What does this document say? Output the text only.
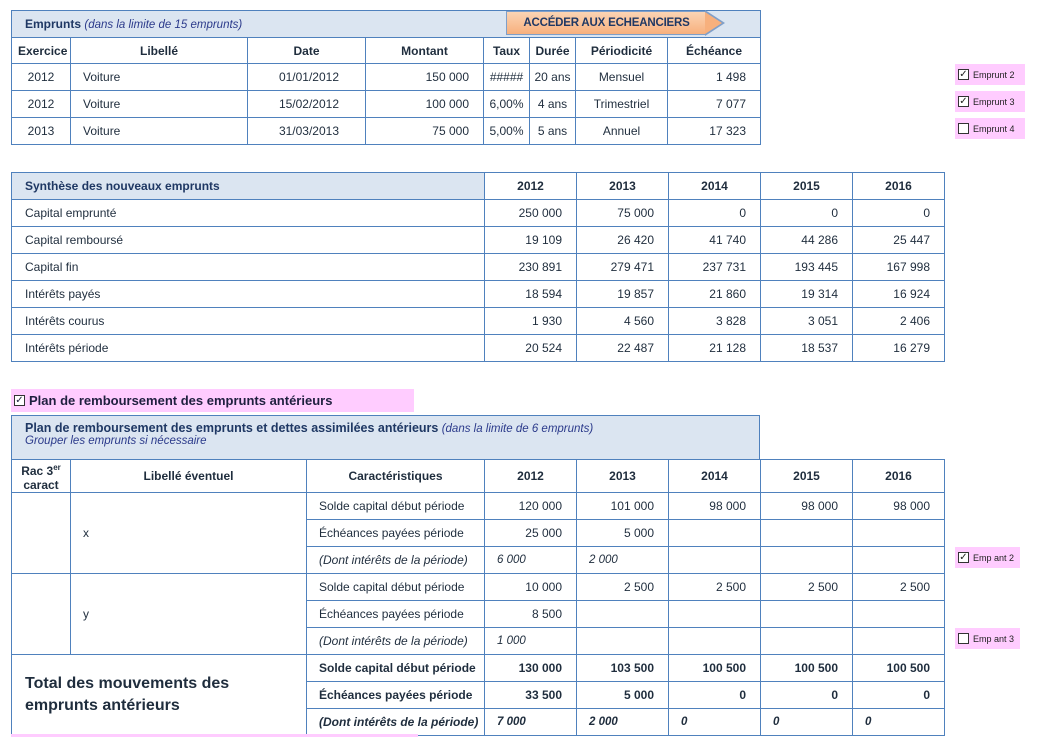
Emprunts (dans la limite de 15 emprunts)							
Exercice	Libellé	Date	Montant	Taux	Durée	Périodicité	Échéance
2012	Voiture	01/01/2012	150 000	#####	20 ans	Mensuel	1 498
2012	Voiture	15/02/2012	100 000	6,00%	4 ans	Trimestriel	7 077
2013	Voiture	31/03/2013	75 000	5,00%	5 ans	Annuel	17 323
ACCÉDER AUX ECHEANCIERS
✓ Emprunt 2
✓ Emprunt 3
Emprunt 4
Synthèse des nouveaux emprunts	2012	2013	2014	2015	2016
Capital emprunté	250 000	75 000	0	0	0
Capital remboursé	19 109	26 420	41 740	44 286	25 447
Capital fin	230 891	279 471	237 731	193 445	167 998
Intérêts payés	18 594	19 857	21 860	19 314	16 924
Intérêts courus	1 930	4 560	3 828	3 051	2 406
Intérêts période	20 524	22 487	21 128	18 537	16 279
✓ Plan de remboursement des emprunts antérieurs
Plan de remboursement des emprunts et dettes assimilées antérieurs (dans la limite de 6 emprunts)
Grouper les emprunts si nécessaire
Rac 3er
caract	Libellé éventuel	Caractéristiques	2012	2013	2014	2015	2016
	x	Solde capital début période	120 000	101 000	98 000	98 000	98 000
		Échéances payées période	25 000	5 000			
		(Dont intérêts de la période)	6 000	2 000			
	y	Solde capital début période	10 000	2 500	2 500	2 500	2 500
		Échéances payées période	8 500				
		(Dont intérêts de la période)	1 000				
Total des mouvements des emprunts antérieurs		Solde capital début période	130 000	103 500	100 500	100 500	100 500
		Échéances payées période	33 500	5 000	0	0	0
		(Dont intérêts de la période)	7 000	2 000	0	0	0
✓ Emp ant 2
Emp ant 3
